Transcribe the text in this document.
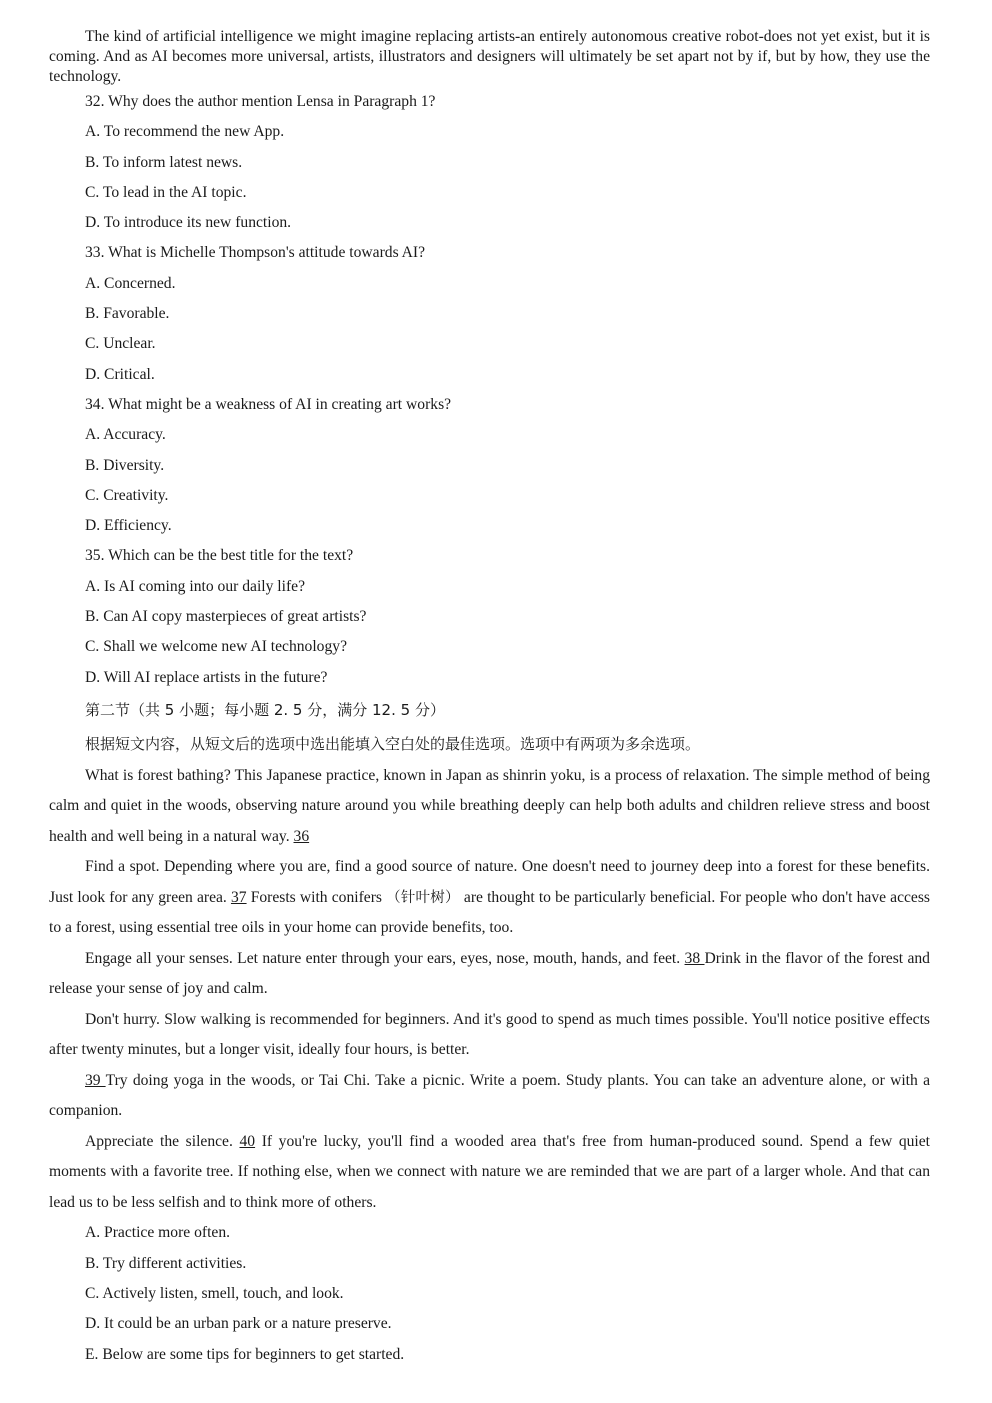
The kind of artificial intelligence we might imagine replacing artists-an entirely autonomous creative robot-does not yet exist, but it is coming. And as AI becomes more universal, artists, illustrators and designers will ultimately be set apart not by if, but by how, they use the technology.

32. Why does the author mention Lensa in Paragraph 1?

A. To recommend the new App.

B. To inform latest news.

C. To lead in the AI topic.

D. To introduce its new function.

33. What is Michelle Thompson's attitude towards AI?

A. Concerned.

B. Favorable.

C. Unclear.

D. Critical.

34. What might be a weakness of AI in creating art works?

A. Accuracy.

B. Diversity.

C. Creativity.

D. Efficiency.

35. Which can be the best title for the text?

A. Is AI coming into our daily life?

B. Can AI copy masterpieces of great artists?

C. Shall we welcome new AI technology?

D. Will AI replace artists in the future?

第二节（共 5 小题；每小题 2. 5 分，满分 12. 5 分）

根据短文内容，从短文后的选项中选出能填入空白处的最佳选项。选项中有两项为多余选项。

What is forest bathing? This Japanese practice, known in Japan as shinrin yoku, is a process of relaxation. The simple method of being calm and quiet in the woods, observing nature around you while breathing deeply can help both adults and children relieve stress and boost health and well being in a natural way. 36

Find a spot. Depending where you are, find a good source of nature. One doesn't need to journey deep into a forest for these benefits. Just look for any green area. 37 Forests with conifers （针叶树） are thought to be particularly beneficial. For people who don't have access to a forest, using essential tree oils in your home can provide benefits, too.

Engage all your senses. Let nature enter through your ears, eyes, nose, mouth, hands, and feet. 38 Drink in the flavor of the forest and release your sense of joy and calm.

Don't hurry. Slow walking is recommended for beginners. And it's good to spend as much times possible. You'll notice positive effects after twenty minutes, but a longer visit, ideally four hours, is better.

39 Try doing yoga in the woods, or Tai Chi. Take a picnic. Write a poem. Study plants. You can take an adventure alone, or with a companion.

Appreciate the silence. 40 If you're lucky, you'll find a wooded area that's free from human-produced sound. Spend a few quiet moments with a favorite tree. If nothing else, when we connect with nature we are reminded that we are part of a larger whole. And that can lead us to be less selfish and to think more of others.

A. Practice more often.

B. Try different activities.

C. Actively listen, smell, touch, and look.

D. It could be an urban park or a nature preserve.

E. Below are some tips for beginners to get started.
